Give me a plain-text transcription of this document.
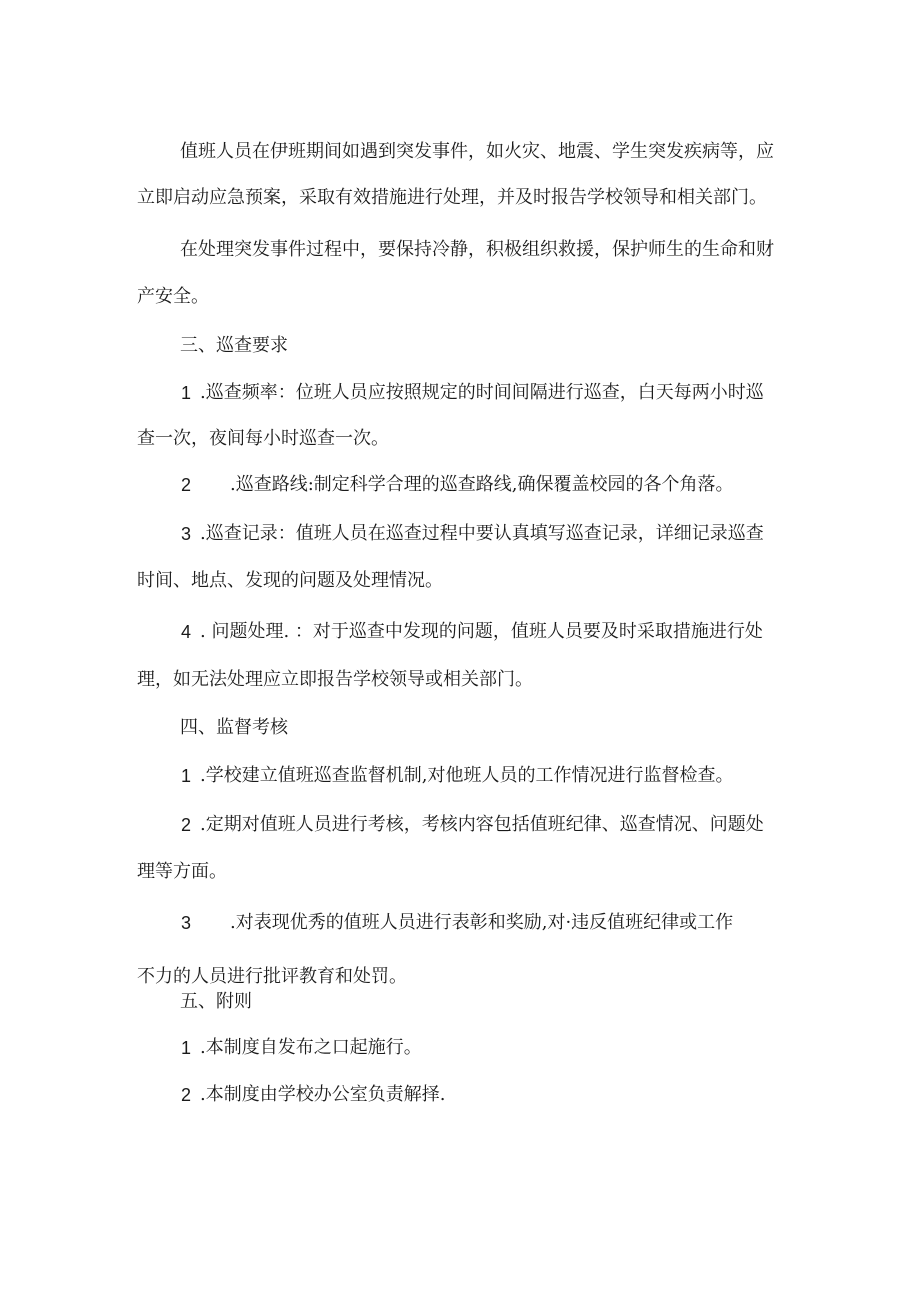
值班人员在伊班期间如遇到突发事件，如火灾、地震、学生突发疾病等，应
立即启动应急预案，采取有效措施进行处理，并及时报告学校领导和相关部门。
在处理突发事件过程中，要保持冷静，积极组织救援，保护师生的生命和财
产安全。
三、巡查要求
1 .巡查频率：位班人员应按照规定的时间间隔进行巡查，白天每两小时巡
查一次，夜间每小时巡查一次。
2 .巡查路线:制定科学合理的巡查路线,确保覆盖校园的各个角落。
3 .巡查记录：值班人员在巡查过程中要认真填写巡查记录，详细记录巡查
时间、地点、发现的问题及处理情况。
4 . 问题处理. ：对于巡查中发现的问题，值班人员要及时采取措施进行处
理，如无法处理应立即报告学校领导或相关部门。
四、监督考核
1 .学校建立值班巡查监督机制,对他班人员的工作情况进行监督检查。
2 .定期对值班人员进行考核，考核内容包括值班纪律、巡查情况、问题处
理等方面。
3 .对表现优秀的值班人员进行表彰和奖励,对·违反值班纪律或工作
不力的人员进行批评教育和处罚。
五、附则
1 .本制度自发布之口起施行。
2 .本制度由学校办公室负责解择.
